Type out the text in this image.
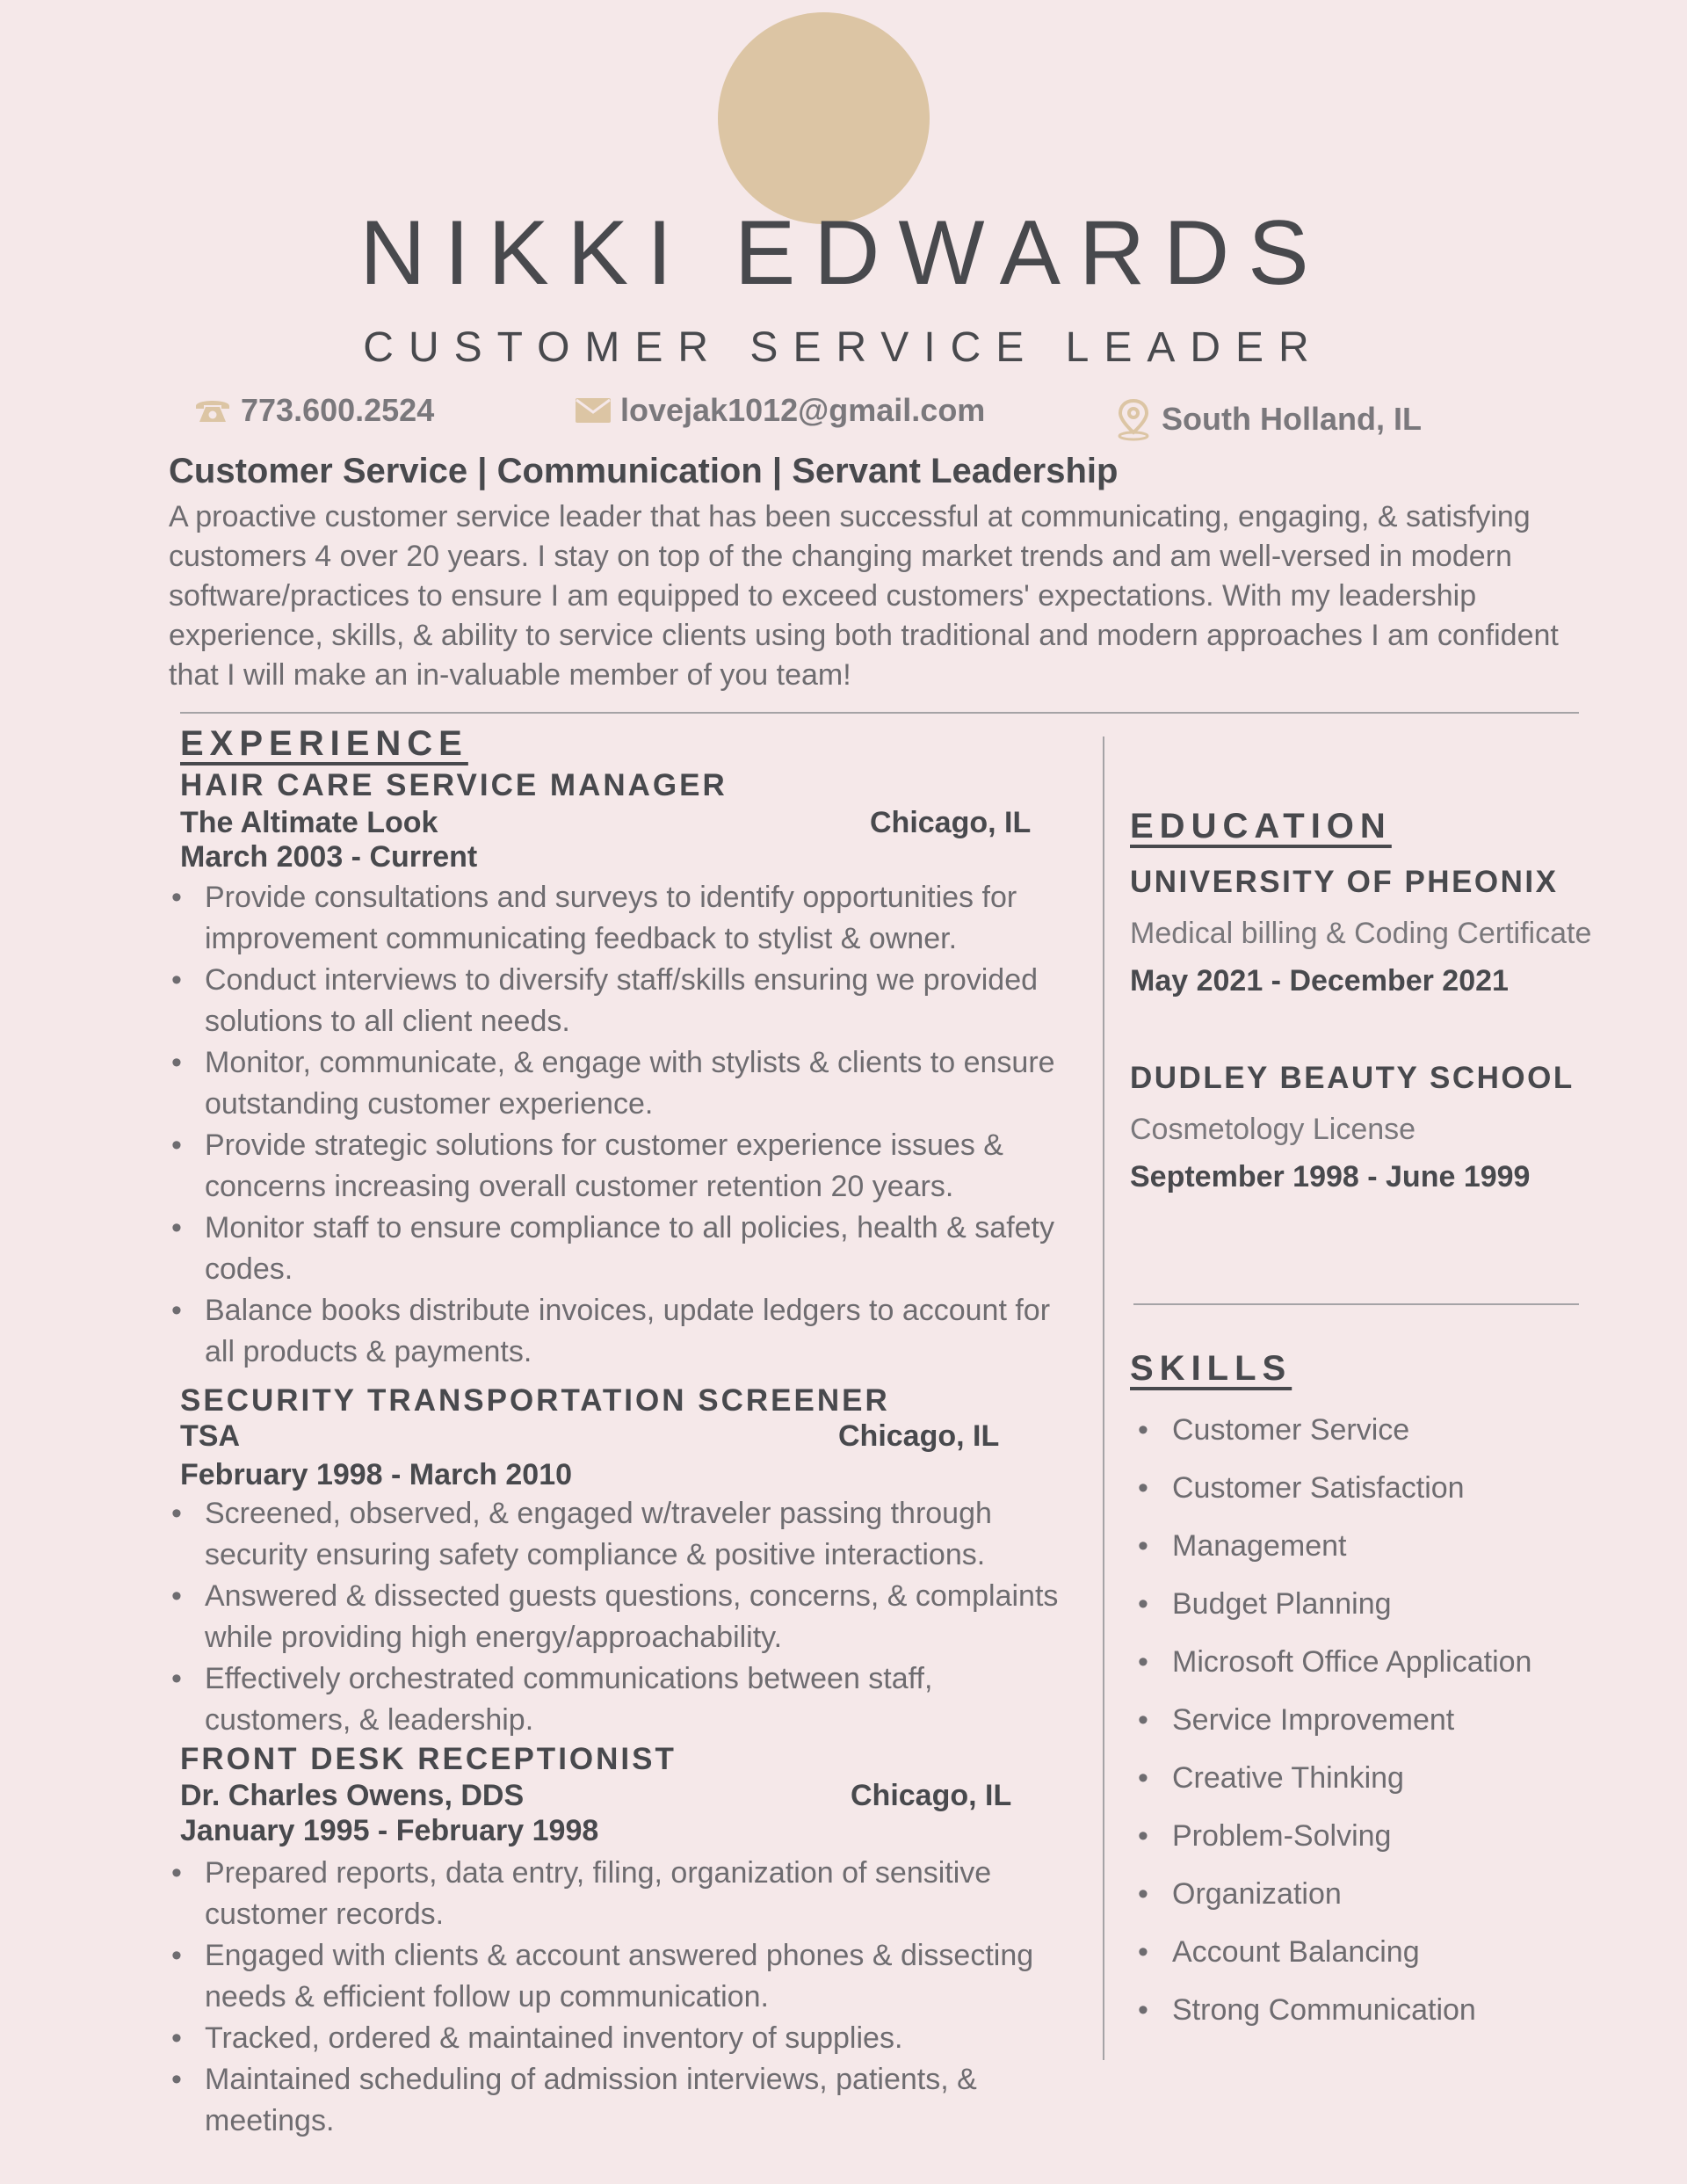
NIKKI EDWARDS
CUSTOMER SERVICE LEADER
773.600.2524	lovejak1012@gmail.com	South Holland, IL
Customer Service | Communication | Servant Leadership
A proactive customer service leader that has been successful at communicating, engaging, & satisfying customers 4 over 20 years. I stay on top of the changing market trends and am well-versed in modern software/practices to ensure I am equipped to exceed customers' expectations. With my leadership experience, skills, & ability to service clients using both traditional and modern approaches I am confident that I will make an in-valuable member of you team!
EXPERIENCE
HAIR CARE SERVICE MANAGER
The Altimate Look	Chicago, IL
March 2003 - Current
• Provide consultations and surveys to identify opportunities for improvement communicating feedback to stylist & owner.
• Conduct interviews to diversify staff/skills ensuring we provided solutions to all client needs.
• Monitor, communicate, & engage with stylists & clients to ensure outstanding customer experience.
• Provide strategic solutions for customer experience issues & concerns increasing overall customer retention 20 years.
• Monitor staff to ensure compliance to all policies, health & safety codes.
• Balance books distribute invoices, update ledgers to account for all products & payments.
SECURITY TRANSPORTATION SCREENER
TSA	Chicago, IL
February 1998 - March 2010
• Screened, observed, & engaged w/traveler passing through security ensuring safety compliance & positive interactions.
• Answered & dissected guests questions, concerns, & complaints while providing high energy/approachability.
• Effectively orchestrated communications between staff, customers, & leadership.
FRONT DESK RECEPTIONIST
Dr. Charles Owens, DDS	Chicago, IL
January 1995 - February 1998
• Prepared reports, data entry, filing, organization of sensitive customer records.
• Engaged with clients & account answered phones & dissecting needs & efficient follow up communication.
• Tracked, ordered & maintained inventory of supplies.
• Maintained scheduling of admission interviews, patients, & meetings.
EDUCATION
UNIVERSITY OF PHEONIX
Medical billing & Coding Certificate
May 2021 - December 2021
DUDLEY BEAUTY SCHOOL
Cosmetology License
September 1998 - June 1999
SKILLS
• Customer Service
• Customer Satisfaction
• Management
• Budget Planning
• Microsoft Office Application
• Service Improvement
• Creative Thinking
• Problem-Solving
• Organization
• Account Balancing
• Strong Communication
